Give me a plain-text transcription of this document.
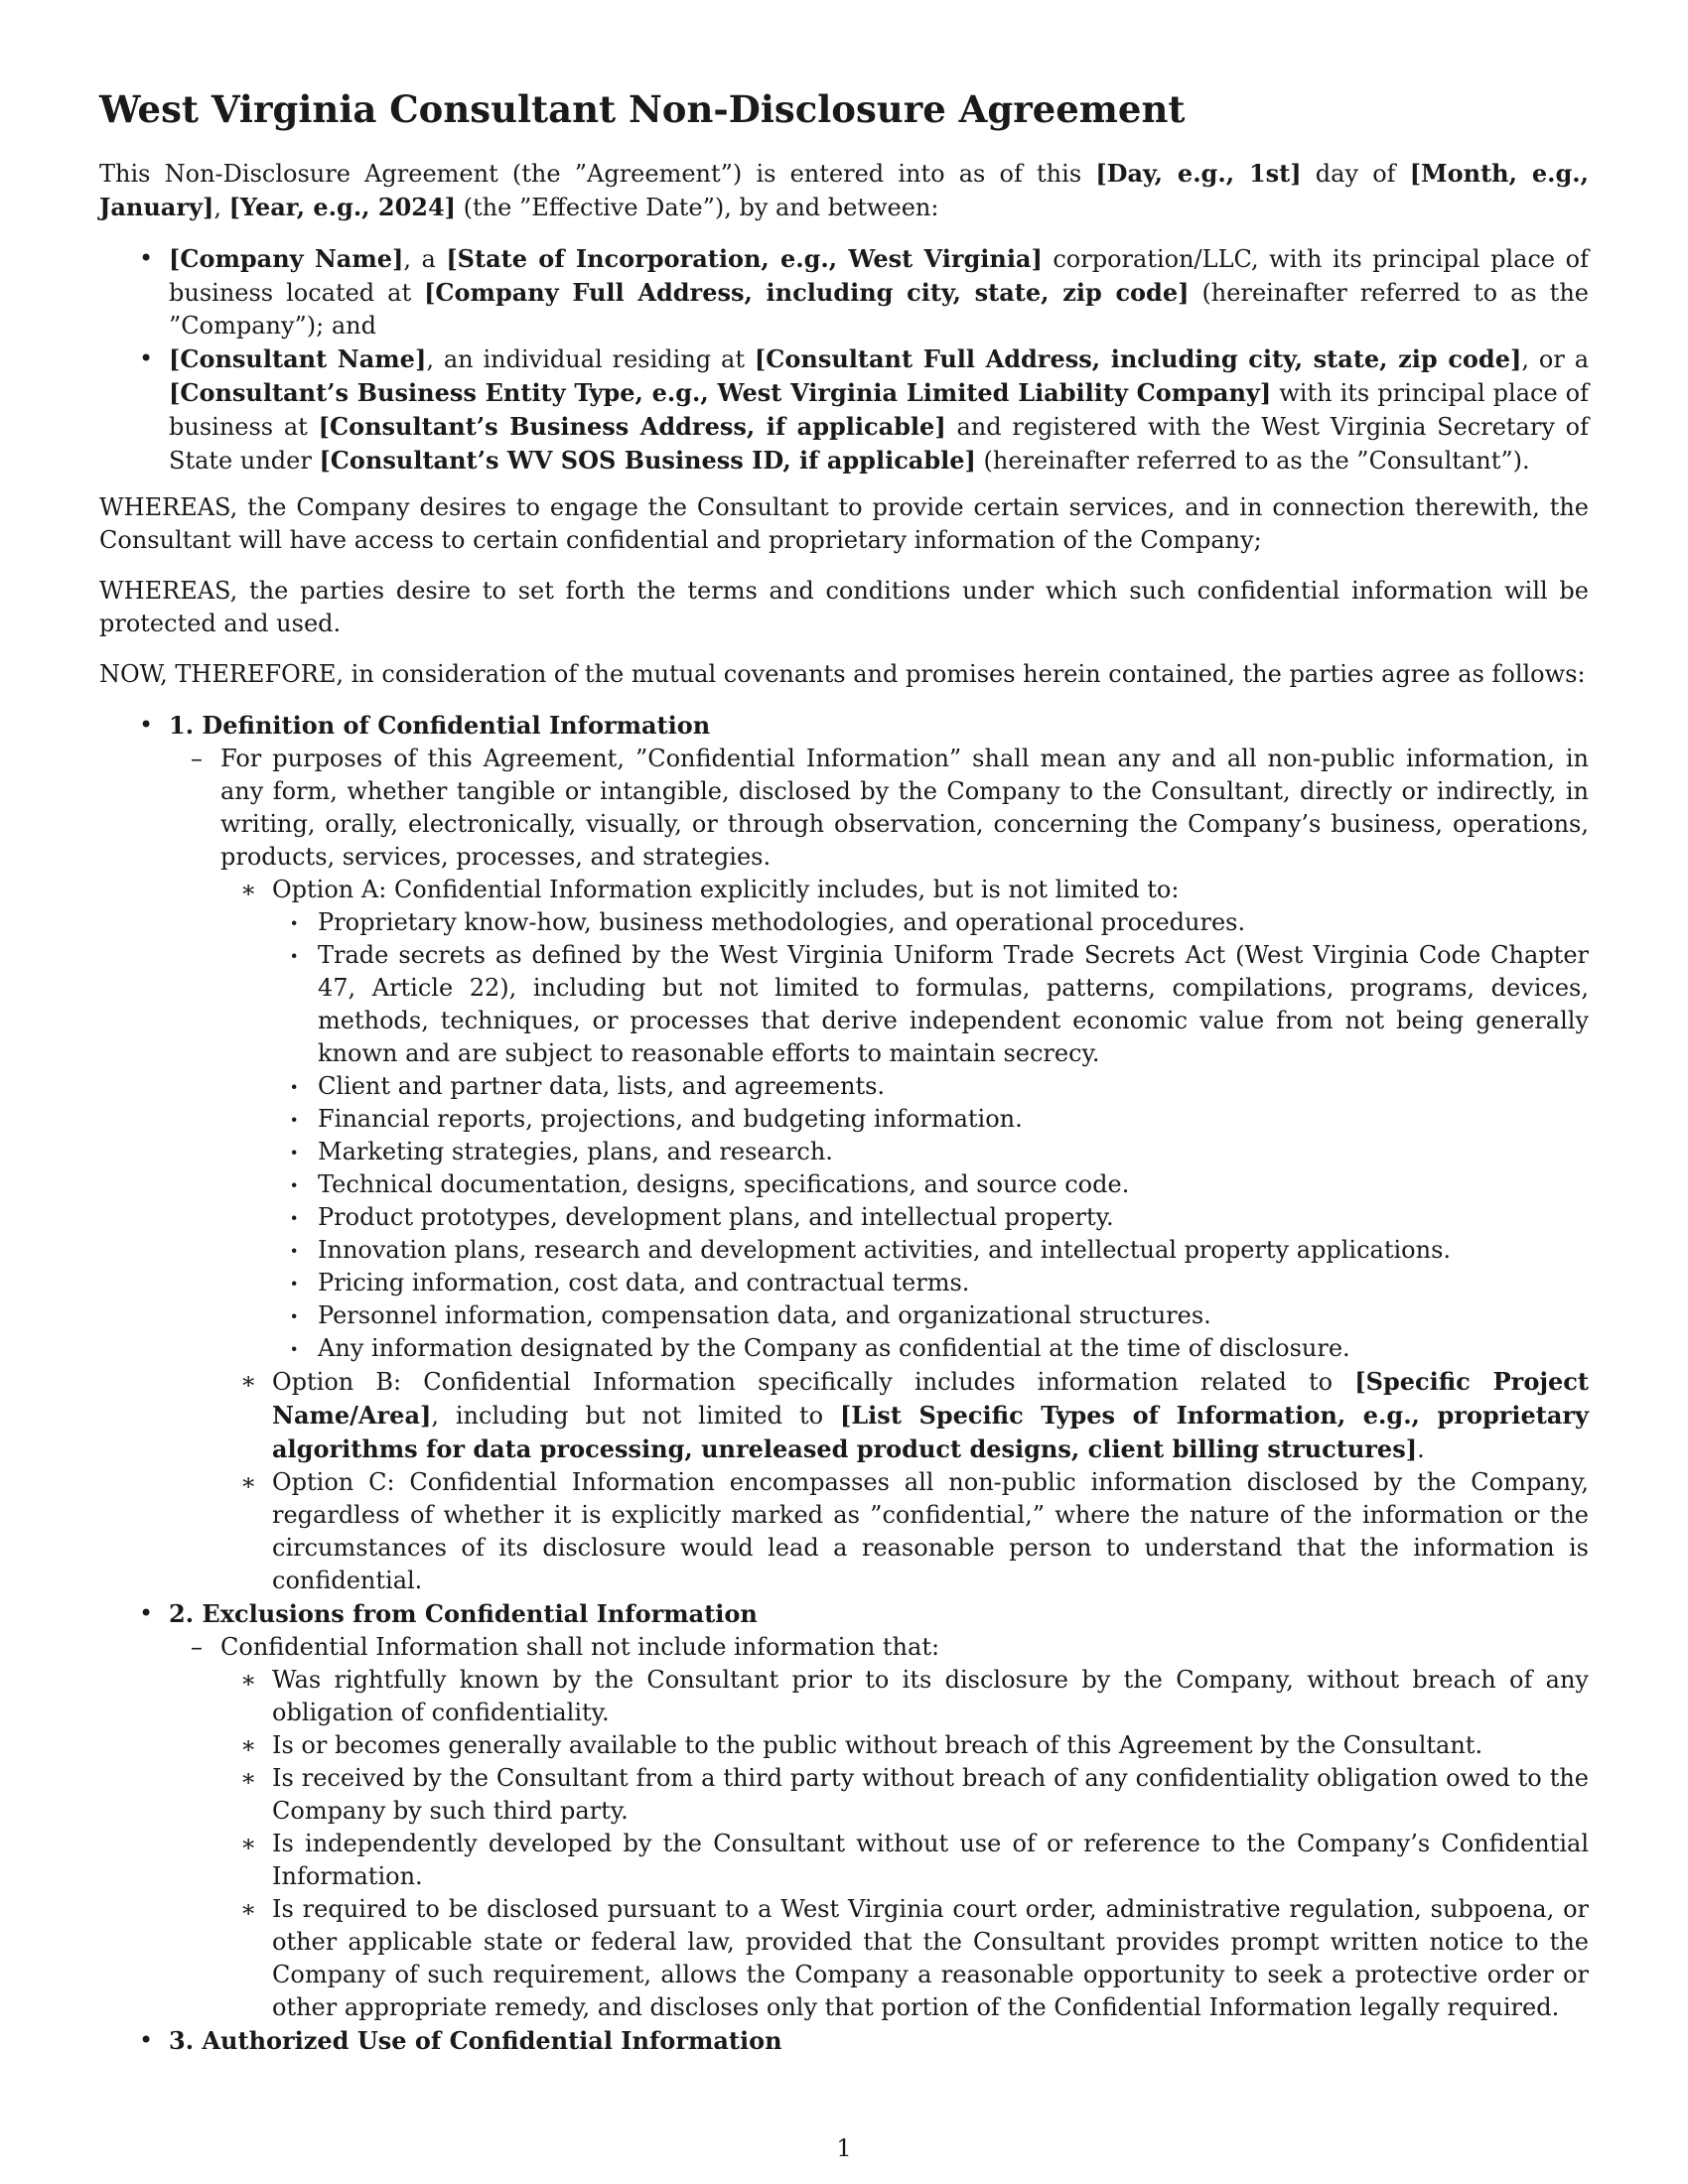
West Virginia Consultant Non-Disclosure Agreement

This Non-Disclosure Agreement (the ”Agreement”) is entered into as of this [Day, e.g., 1st] day of [Month, e.g., January], [Year, e.g., 2024] (the ”Effective Date”), by and between:

• [Company Name], a [State of Incorporation, e.g., West Virginia] corporation/LLC, with its principal place of business located at [Company Full Address, including city, state, zip code] (hereinafter referred to as the ”Company”); and
• [Consultant Name], an individual residing at [Consultant Full Address, including city, state, zip code], or a [Consultant’s Business Entity Type, e.g., West Virginia Limited Liability Company] with its principal place of business at [Consultant’s Business Address, if applicable] and registered with the West Virginia Secretary of State under [Consultant’s WV SOS Business ID, if applicable] (hereinafter referred to as the ”Consultant”).

WHEREAS, the Company desires to engage the Consultant to provide certain services, and in connection therewith, the Consultant will have access to certain confidential and proprietary information of the Company;

WHEREAS, the parties desire to set forth the terms and conditions under which such confidential information will be protected and used.

NOW, THEREFORE, in consideration of the mutual covenants and promises herein contained, the parties agree as follows:

• 1. Definition of Confidential Information
– For purposes of this Agreement, ”Confidential Information” shall mean any and all non-public information, in any form, whether tangible or intangible, disclosed by the Company to the Consultant, directly or indirectly, in writing, orally, electronically, visually, or through observation, concerning the Company’s business, operations, products, services, processes, and strategies.
∗ Option A: Confidential Information explicitly includes, but is not limited to:
· Proprietary know-how, business methodologies, and operational procedures.
· Trade secrets as defined by the West Virginia Uniform Trade Secrets Act (West Virginia Code Chapter 47, Article 22), including but not limited to formulas, patterns, compilations, programs, devices, methods, techniques, or processes that derive independent economic value from not being generally known and are subject to reasonable efforts to maintain secrecy.
· Client and partner data, lists, and agreements.
· Financial reports, projections, and budgeting information.
· Marketing strategies, plans, and research.
· Technical documentation, designs, specifications, and source code.
· Product prototypes, development plans, and intellectual property.
· Innovation plans, research and development activities, and intellectual property applications.
· Pricing information, cost data, and contractual terms.
· Personnel information, compensation data, and organizational structures.
· Any information designated by the Company as confidential at the time of disclosure.
∗ Option B: Confidential Information specifically includes information related to [Specific Project Name/Area], including but not limited to [List Specific Types of Information, e.g., proprietary algorithms for data processing, unreleased product designs, client billing structures].
∗ Option C: Confidential Information encompasses all non-public information disclosed by the Company, regardless of whether it is explicitly marked as ”confidential,” where the nature of the information or the circumstances of its disclosure would lead a reasonable person to understand that the information is confidential.
• 2. Exclusions from Confidential Information
– Confidential Information shall not include information that:
∗ Was rightfully known by the Consultant prior to its disclosure by the Company, without breach of any obligation of confidentiality.
∗ Is or becomes generally available to the public without breach of this Agreement by the Consultant.
∗ Is received by the Consultant from a third party without breach of any confidentiality obligation owed to the Company by such third party.
∗ Is independently developed by the Consultant without use of or reference to the Company’s Confidential Information.
∗ Is required to be disclosed pursuant to a West Virginia court order, administrative regulation, subpoena, or other applicable state or federal law, provided that the Consultant provides prompt written notice to the Company of such requirement, allows the Company a reasonable opportunity to seek a protective order or other appropriate remedy, and discloses only that portion of the Confidential Information legally required.
• 3. Authorized Use of Confidential Information
1
